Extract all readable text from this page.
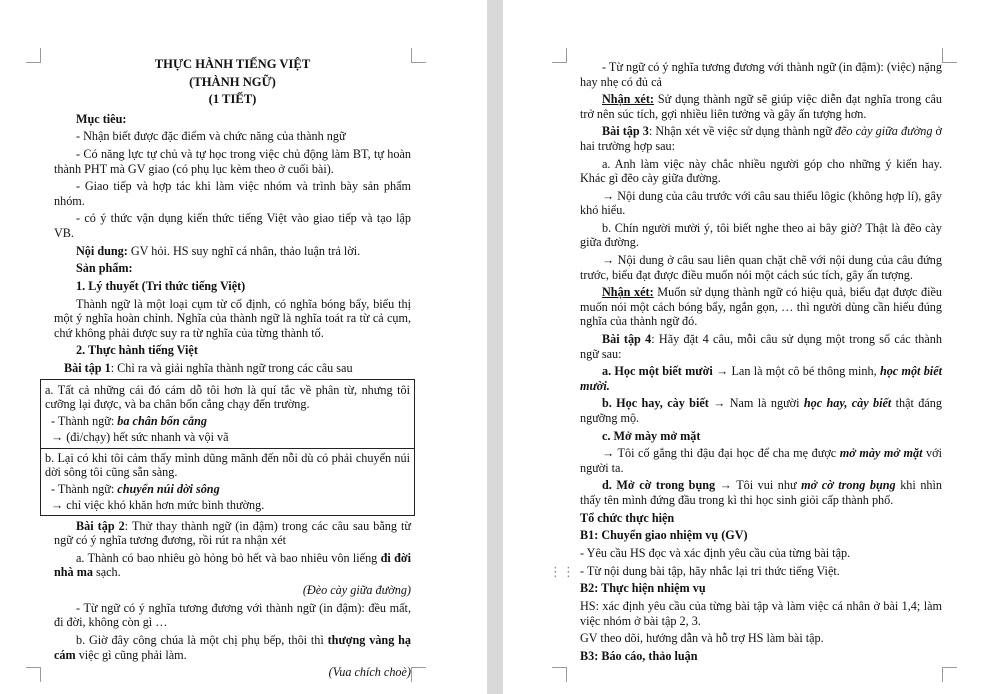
THỰC HÀNH TIẾNG VIỆT

(THÀNH NGỮ)

(1 TIẾT)

Mục tiêu:

- Nhận biết được đặc điểm và chức năng của thành ngữ

- Có năng lực tự chủ và tự học trong việc chủ động làm BT, tự hoàn thành PHT mà GV giao (có phụ lục kèm theo ở cuối bài).

- Giao tiếp và hợp tác khi làm việc nhóm và trình bày sản phẩm nhóm.

- có ý thức vận dụng kiến thức tiếng Việt vào giao tiếp và tạo lập VB.

Nội dung: GV hỏi. HS suy nghĩ cá nhân, thảo luận trả lời.

Sản phẩm:

1. Lý thuyết (Tri thức tiếng Việt)

Thành ngữ là một loại cụm từ cố định, có nghĩa bóng bẩy, biểu thị một ý nghĩa hoàn chỉnh. Nghĩa của thành ngữ là nghĩa toát ra từ cả cụm, chứ không phải được suy ra từ nghĩa của từng thành tố.

2. Thực hành tiếng Việt

Bài tập 1: Chỉ ra và giải nghĩa thành ngữ trong các câu sau

a. Tất cả những cái đó cám dỗ tôi hơn là quí tắc về phân từ, nhưng tôi cưỡng lại được, và ba chân bốn cẳng chạy đến trường.

- Thành ngữ: ba chân bốn cẳng

→ (đi/chạy) hết sức nhanh và vội vã

b. Lại có khi tôi cảm thấy mình dũng mãnh đến nỗi dù có phải chuyển núi dời sông tôi cũng sẵn sàng.

- Thành ngữ: chuyển núi dời sông

→ chỉ việc khó khăn hơn mức bình thường.

Bài tập 2: Thử thay thành ngữ (in đậm) trong các câu sau bằng từ ngữ có ý nghĩa tương đương, rồi rút ra nhận xét

a. Thành có bao nhiêu gò hỏng bỏ hết và bao nhiêu vôn liếng đi đời nhà ma sạch.

(Đèo cày giữa đường)

- Từ ngữ có ý nghĩa tương đương với thành ngữ (in đậm): đều mất, đi đời, không còn gì …

b. Giờ đây công chúa là một chị phụ bếp, thôi thì thượng vàng hạ cám việc gì cũng phải làm.

(Vua chích choè)

- Từ ngữ có ý nghĩa tương đương với thành ngữ (in đậm): (việc) nặng hay nhẹ có đủ cả

Nhận xét: Sử dụng thành ngữ sẽ giúp việc diễn đạt nghĩa trong câu trở nên súc tích, gợi nhiều liên tưởng và gây ấn tượng hơn.

Bài tập 3: Nhận xét về việc sử dụng thành ngữ đẽo cày giữa đường ở hai trường hợp sau:

a. Anh làm việc này chắc nhiều người góp cho những ý kiến hay. Khác gì đẽo cày giữa đường.

→ Nội dung của câu trước với câu sau thiếu lôgic (không hợp lí), gây khó hiểu.

b. Chín người mười ý, tôi biết nghe theo ai bây giờ? Thật là đẽo cày giữa đường.

→ Nội dung ở câu sau liên quan chặt chẽ với nội dung của câu đứng trước, biểu đạt được điều muốn nói một cách súc tích, gây ấn tượng.

Nhận xét: Muốn sử dụng thành ngữ có hiệu quả, biểu đạt được điều muốn nói một cách bóng bẩy, ngắn gọn, … thì người dùng cần hiểu đúng nghĩa của thành ngữ đó.

Bài tập 4: Hãy đặt 4 câu, mỗi câu sử dụng một trong số các thành ngữ sau:

a. Học một biết mười → Lan là một cô bé thông minh, học một biết mười.

b. Học hay, cày biết → Nam là người học hay, cày biết thật đáng ngưỡng mộ.

c. Mở mày mở mặt

→ Tôi cố gắng thi đậu đại học để cha mẹ được mở mày mở mặt với người ta.

d. Mở cờ trong bụng → Tôi vui như mở cờ trong bụng khi nhìn thấy tên mình đứng đầu trong kì thi học sinh giỏi cấp thành phố.

Tổ chức thực hiện

B1: Chuyển giao nhiệm vụ (GV)

- Yêu cầu HS đọc và xác định yêu cầu của từng bài tập.

- Từ nội dung bài tập, hãy nhắc lại tri thức tiếng Việt.

B2: Thực hiện nhiệm vụ

HS: xác định yêu cầu của từng bài tập và làm việc cá nhân ở bài 1,4; làm việc nhóm ở bài tập 2, 3.

GV theo dõi, hướng dẫn và hỗ trợ HS làm bài tập.

B3: Báo cáo, thảo luận

⋮⋮
